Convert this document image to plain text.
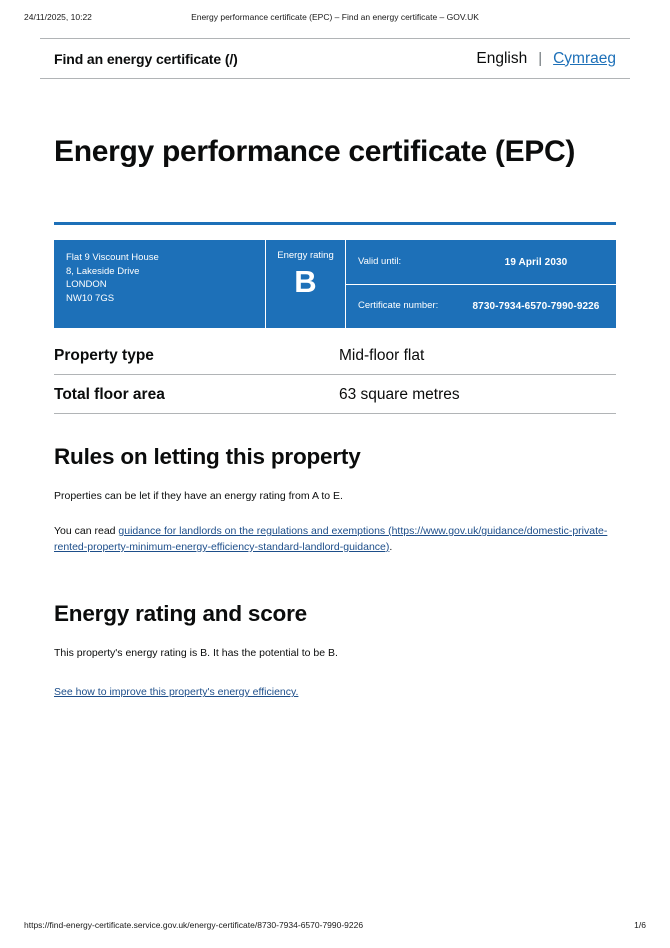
24/11/2025, 10:22	Energy performance certificate (EPC) – Find an energy certificate – GOV.UK
Find an energy certificate (/)	English | Cymraeg
Energy performance certificate (EPC)
Flat 9 Viscount House
8, Lakeside Drive
LONDON
NW10 7GS
Energy rating
B
Valid until:	19 April 2030
Certificate number:	8730-7934-6570-7990-9226
Property type	Mid-floor flat
Total floor area	63 square metres
Rules on letting this property

Properties can be let if they have an energy rating from A to E.

You can read guidance for landlords on the regulations and exemptions (https://www.gov.uk/guidance/domestic-private-rented-property-minimum-energy-efficiency-standard-landlord-guidance).

Energy rating and score

This property's energy rating is B. It has the potential to be B.

See how to improve this property's energy efficiency.

https://find-energy-certificate.service.gov.uk/energy-certificate/8730-7934-6570-7990-9226	1/6
